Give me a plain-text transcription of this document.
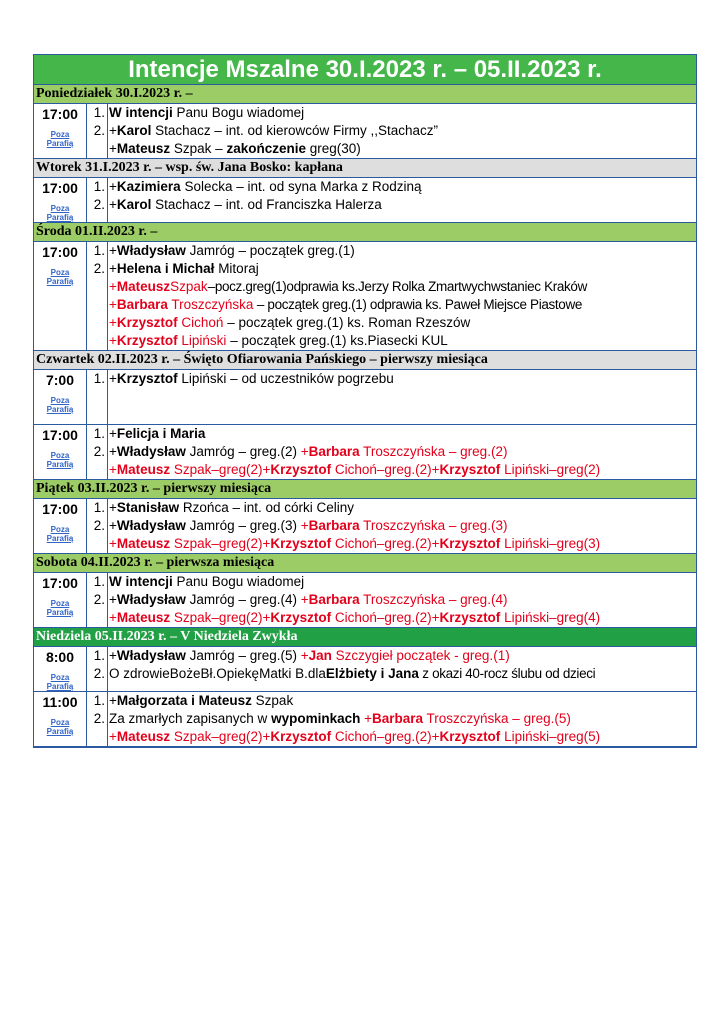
Intencje Mszalne 30.I.2023 r. – 05.II.2023 r.
Poniedziałek 30.I.2023 r. –
17:00
Poza
Parafią
1.
2.
W intencji Panu Bogu wiadomej
+Karol Stachacz – int. od kierowców Firmy ,,Stachacz”
+Mateusz Szpak – zakończenie greg(30)
Wtorek 31.I.2023 r. – wsp. św. Jana Bosko: kapłana
17:00
Poza
Parafią
1.
2.
+Kazimiera Solecka – int. od syna Marka z Rodziną
+Karol Stachacz – int. od Franciszka Halerza
Środa 01.II.2023 r. –
17:00
Poza
Parafią
1.
2.
+Władysław Jamróg – początek greg.(1)
+Helena i Michał Mitoraj
+MateuszSzpak–pocz.greg(1)odprawia ks.Jerzy Rolka Zmartwychwstaniec Kraków
+Barbara Troszczyńska – początek greg.(1) odprawia ks. Paweł Miejsce Piastowe
+Krzysztof Cichoń – początek greg.(1) ks. Roman Rzeszów
+Krzysztof Lipiński – początek greg.(1) ks.Piasecki KUL
Czwartek 02.II.2023 r. – Święto Ofiarowania Pańskiego – pierwszy miesiąca
7:00
Poza
Parafią
1. +Krzysztof Lipiński – od uczestników pogrzebu
17:00
Poza
Parafią
1.
2.
+Felicja i Maria
+Władysław Jamróg – greg.(2) +Barbara Troszczyńska – greg.(2)
+Mateusz Szpak–greg(2)+Krzysztof Cichoń–greg.(2)+Krzysztof Lipiński–greg(2)
Piątek 03.II.2023 r. – pierwszy miesiąca
17:00
Poza
Parafią
1.
2.
+Stanisław Rzońca – int. od córki Celiny
+Władysław Jamróg – greg.(3) +Barbara Troszczyńska – greg.(3)
+Mateusz Szpak–greg(2)+Krzysztof Cichoń–greg.(2)+Krzysztof Lipiński–greg(3)
Sobota 04.II.2023 r. – pierwsza miesiąca
17:00
Poza
Parafią
1.
2.
W intencji Panu Bogu wiadomej
+Władysław Jamróg – greg.(4) +Barbara Troszczyńska – greg.(4)
+Mateusz Szpak–greg(2)+Krzysztof Cichoń–greg.(2)+Krzysztof Lipiński–greg(4)
Niedziela 05.II.2023 r. – V Niedziela Zwykła
8:00
Poza
Parafią
1.
2.
+Władysław Jamróg – greg.(5) +Jan Szczygieł początek - greg.(1)
O zdrowieBożeBł.OpiekęMatki B.dlaElżbiety i Jana z okazi 40-rocz ślubu od dzieci
11:00
Poza
Parafią
1.
2.
+Małgorzata i Mateusz Szpak
Za zmarłych zapisanych w wypominkach +Barbara Troszczyńska – greg.(5)
+Mateusz Szpak–greg(2)+Krzysztof Cichoń–greg.(2)+Krzysztof Lipiński–greg(5)
